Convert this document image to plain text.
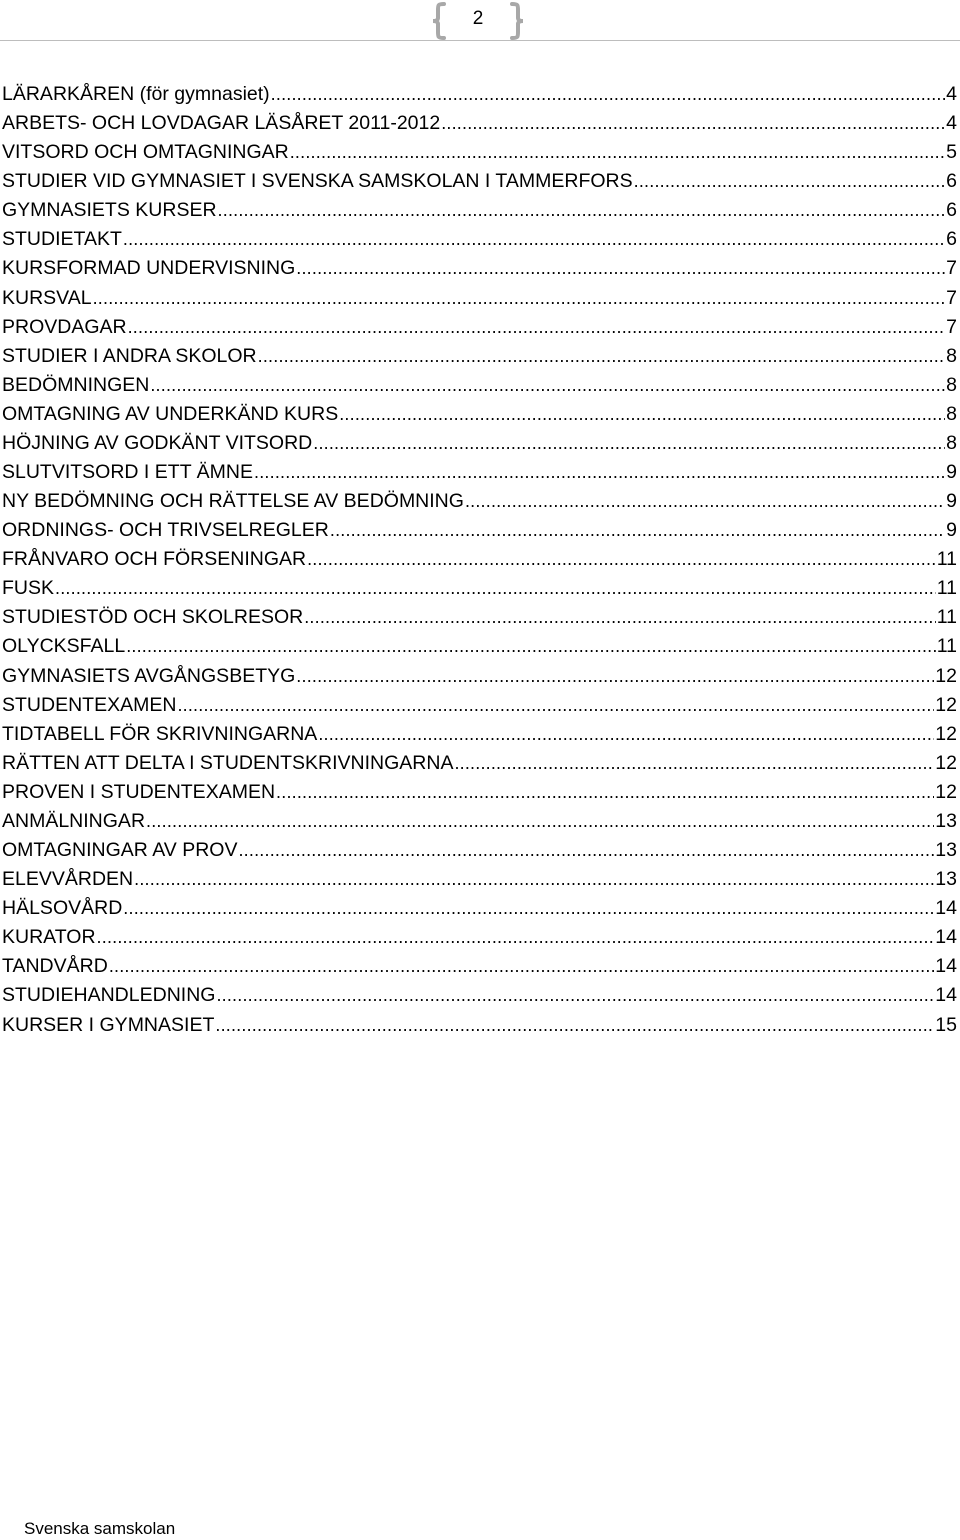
2
LÄRARKÅREN (för gymnasiet) .....	4
ARBETS- OCH LOVDAGAR LÄSÅRET 2011-2012 .....	4
VITSORD OCH OMTAGNINGAR .....	5
STUDIER VID GYMNASIET I SVENSKA SAMSKOLAN I TAMMERFORS .....	6
GYMNASIETS KURSER .....	6
STUDIETAKT .....	6
KURSFORMAD UNDERVISNING .....	7
KURSVAL .....	7
PROVDAGAR .....	7
STUDIER I ANDRA SKOLOR .....	8
BEDÖMNINGEN .....	8
OMTAGNING AV UNDERKÄND KURS .....	8
HÖJNING AV GODKÄNT VITSORD .....	8
SLUTVITSORD I ETT ÄMNE .....	9
NY BEDÖMNING OCH RÄTTELSE AV BEDÖMNING .....	9
ORDNINGS- OCH TRIVSELREGLER .....	9
FRÅNVARO OCH FÖRSENINGAR .....	11
FUSK .....	11
STUDIESTÖD OCH SKOLRESOR .....	11
OLYCKSFALL .....	11
GYMNASIETS AVGÅNGSBETYG .....	12
STUDENTEXAMEN .....	12
TIDTABELL FÖR SKRIVNINGARNA .....	12
RÄTTEN ATT DELTA I STUDENTSKRIVNINGARNA .....	12
PROVEN I STUDENTEXAMEN .....	12
ANMÄLNINGAR .....	13
OMTAGNINGAR AV PROV .....	13
ELEVVÅRDEN .....	13
HÄLSOVÅRD .....	14
KURATOR .....	14
TANDVÅRD .....	14
STUDIEHANDLEDNING .....	14
KURSER I GYMNASIET .....	15
Svenska samskolan
